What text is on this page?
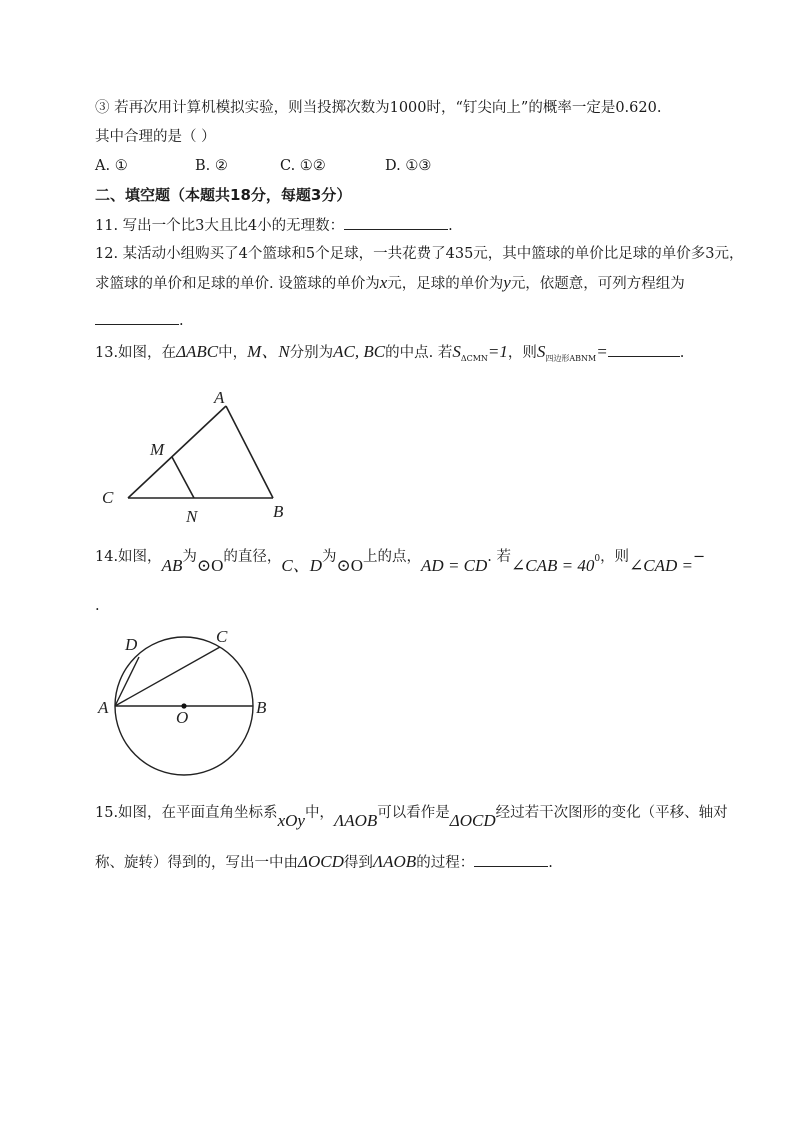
③ 若再次用计算机模拟实验，则当投掷次数为1000时，“钉尖向上”的概率一定是0.620.
其中合理的是（ ）
A. ①	B. ②	C. ①②	D. ①③
二、填空题（本题共18分，每题3分）
11. 写出一个比3大且比4小的无理数：	.
12. 某活动小组购买了4个篮球和5个足球，一共花费了435元，其中篮球的单价比足球的单价多3元，
求篮球的单价和足球的单价. 设篮球的单价为x元，足球的单价为y元，依题意，可列方程组为
.
13.如图，在ΔABC中，M、N分别为AC, BC的中点. 若$S_{\Delta CMN}=1$，则$S_{四边形ABNM}=$	.
A
M
C
N	B
14.如图，AB为⊙O的直径，C、D为⊙O上的点，AD = CD. 若∠CAB = $40^0$，则∠CAD =−
.
D	C
A
O
B
15.如图，在平面直角坐标系xOy中，ΛAOB可以看作是ΔOCD经过若干次图形的变化（平移、轴对
称、旋转）得到的，写出一中由ΔOCD得到ΛAOB的过程：	.
